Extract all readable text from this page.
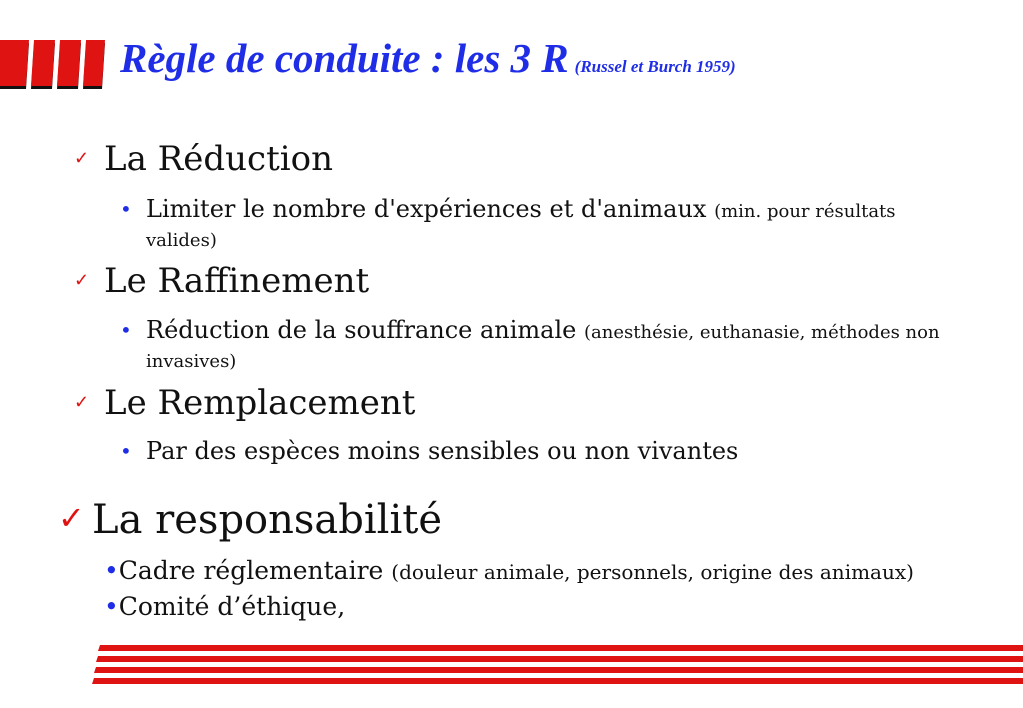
Règle de conduite : les 3 R (Russel et Burch 1959)
✓ La Réduction
• Limiter le nombre d'expériences et d'animaux (min. pour résultats valides)
✓ Le Raffinement
• Réduction de la souffrance animale (anesthésie, euthanasie, méthodes non invasives)
✓ Le Remplacement
• Par des espèces moins sensibles ou non vivantes
✓ La responsabilité
•Cadre réglementaire (douleur animale, personnels, origine des animaux)
•Comité d’éthique,
